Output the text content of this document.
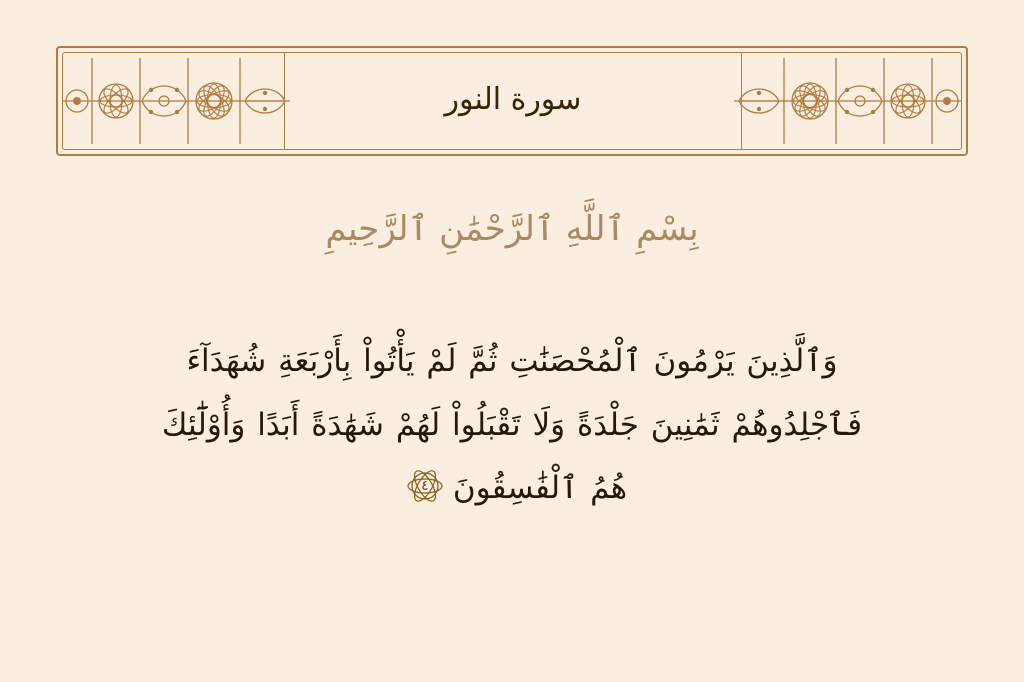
سورة النور
بِسْمِ ٱللَّهِ ٱلرَّحْمَٰنِ ٱلرَّحِيمِ
وَٱلَّذِينَ يَرْمُونَ ٱلْمُحْصَنَٰتِ ثُمَّ لَمْ يَأْتُواْ بِأَرْبَعَةِ شُهَدَآءَ
فَٱجْلِدُوهُمْ ثَمَٰنِينَ جَلْدَةً وَلَا تَقْبَلُواْ لَهُمْ شَهَٰدَةً أَبَدًا وَأُوْلَٰٓئِكَ
هُمُ ٱلْفَٰسِقُونَ
٤
